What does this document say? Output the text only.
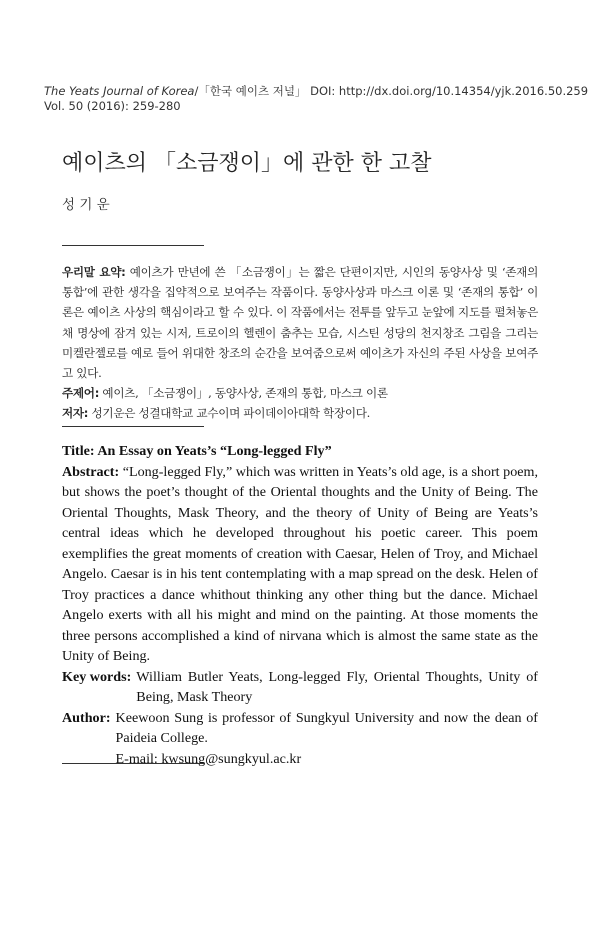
The Yeats Journal of Korea/「한국 예이츠 저널」 DOI: http://dx.doi.org/10.14354/yjk.2016.50.259
Vol. 50 (2016): 259-280
예이츠의 「소금쟁이」에 관한 한 고찰
성 기 운

우리말 요약: 예이츠가 만년에 쓴 「소금쟁이」는 짧은 단편이지만, 시인의 동양사상 및 ‘존재의 통합’에 관한 생각을 집약적으로 보여주는 작품이다. 동양사상과 마스크 이론 및 ‘존재의 통합’ 이론은 예이츠 사상의 핵심이라고 할 수 있다. 이 작품에서는 전투를 앞두고 눈앞에 지도를 펼쳐놓은 채 명상에 잠겨 있는 시저, 트로이의 헬렌이 춤추는 모습, 시스틴 성당의 천지창조 그림을 그리는 미켈란젤로를 예로 들어 위대한 창조의 순간을 보여줌으로써 예이츠가 자신의 주된 사상을 보여주고 있다.

주제어: 예이츠, 「소금쟁이」, 동양사상, 존재의 통합, 마스크 이론

저자: 성기운은 성결대학교 교수이며 파이데이아대학 학장이다.

Title: An Essay on Yeats’s “Long-legged Fly”

Abstract: “Long-legged Fly,” which was written in Yeats’s old age, is a short poem, but shows the poet’s thought of the Oriental thoughts and the Unity of Being. The Oriental Thoughts, Mask Theory, and the theory of Unity of Being are Yeats’s central ideas which he developed throughout his poetic career. This poem exemplifies the great moments of creation with Caesar, Helen of Troy, and Michael Angelo. Caesar is in his tent contemplating with a map spread on the desk. Helen of Troy practices a dance whithout thinking any other thing but the dance. Michael Angelo exerts with all his might and mind on the painting. At those moments the three persons accomplished a kind of nirvana which is almost the same state as the Unity of Being.

Key words: William Butler Yeats, Long-legged Fly, Oriental Thoughts, Unity of Being, Mask Theory
Author: Keewoon Sung is professor of Sungkyul University and now the dean of Paideia College.
E-mail: kwsung@sungkyul.ac.kr
